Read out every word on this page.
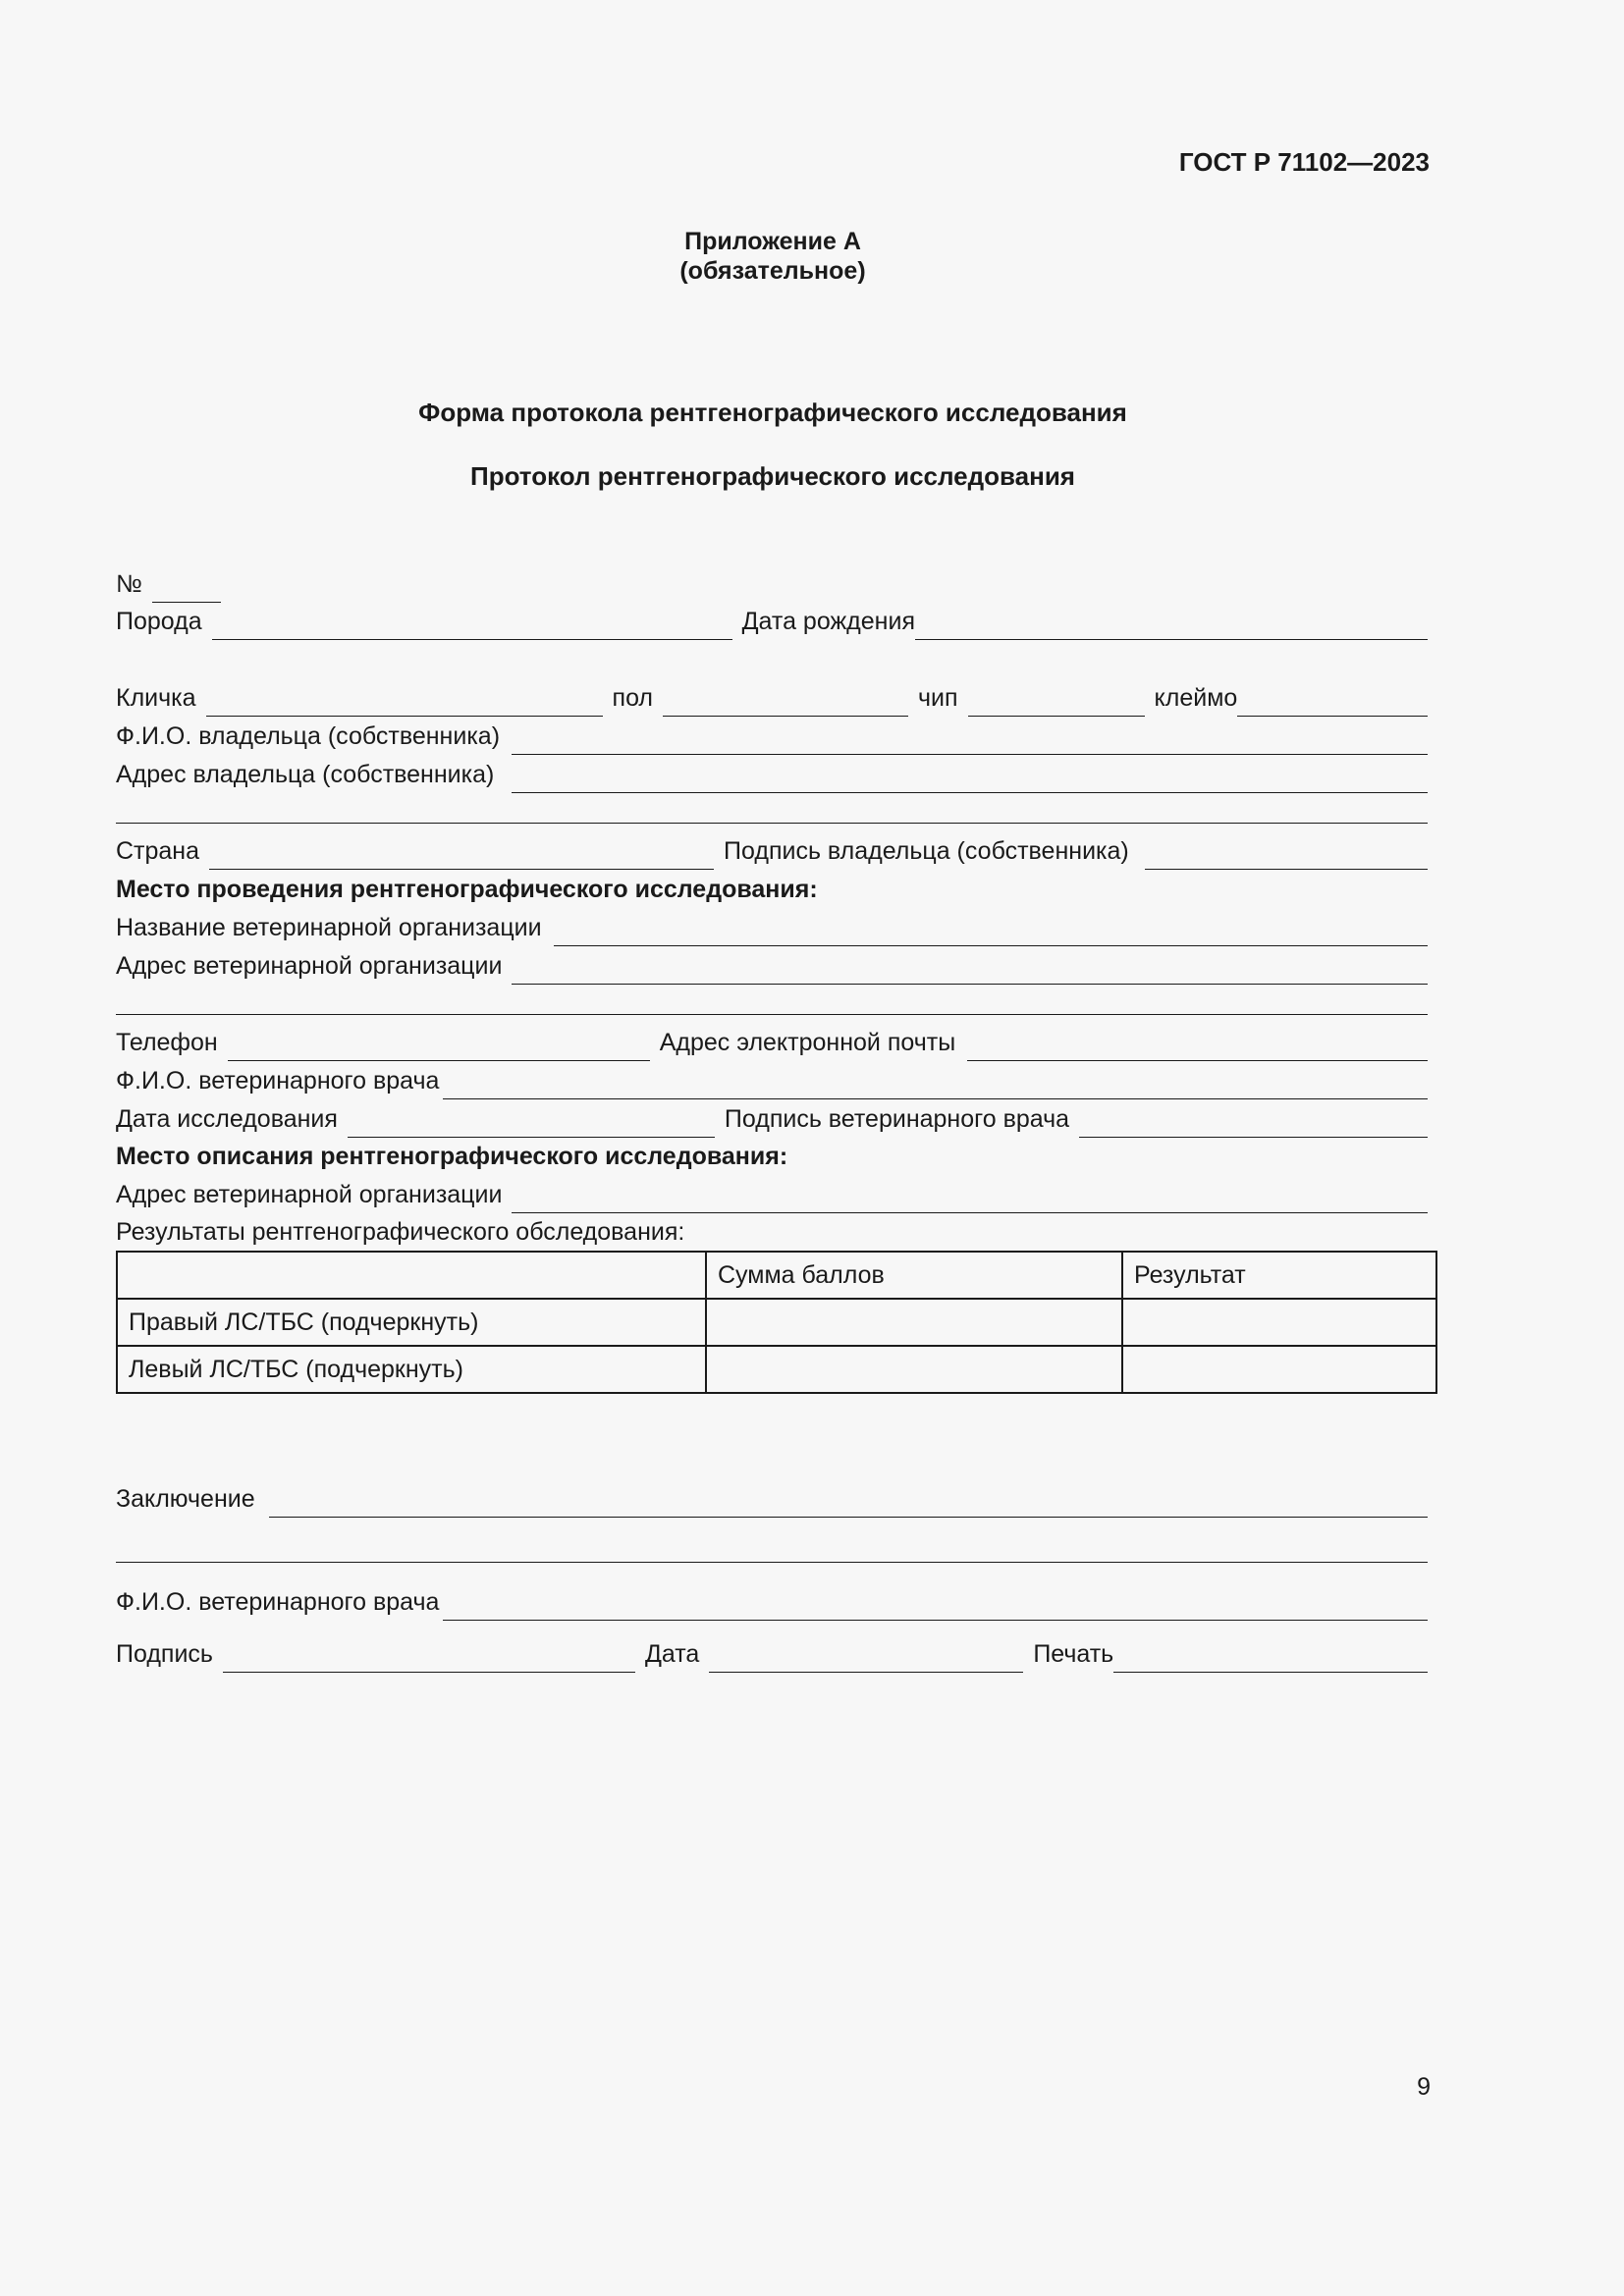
ГОСТ Р 71102—2023
Приложение А
(обязательное)
Форма протокола рентгенографического исследования
Протокол рентгенографического исследования
№
Порода	Дата рождения
Кличка	пол	чип	клеймо
Ф.И.О. владельца (собственника)
Адрес владельца (собственника)
Страна	Подпись владельца (собственника)
Место проведения рентгенографического исследования:
Название ветеринарной организации
Адрес ветеринарной организации
Телефон	Адрес электронной почты
Ф.И.О. ветеринарного врача
Дата исследования	Подпись ветеринарного врача
Место описания рентгенографического исследования:
Адрес ветеринарной организации
Результаты рентгенографического обследования:
	Сумма баллов	Результат
Правый ЛС/ТБС (подчеркнуть)		
Левый ЛС/ТБС (подчеркнуть)		
Заключение
Ф.И.О. ветеринарного врача
Подпись	Дата	Печать
9
